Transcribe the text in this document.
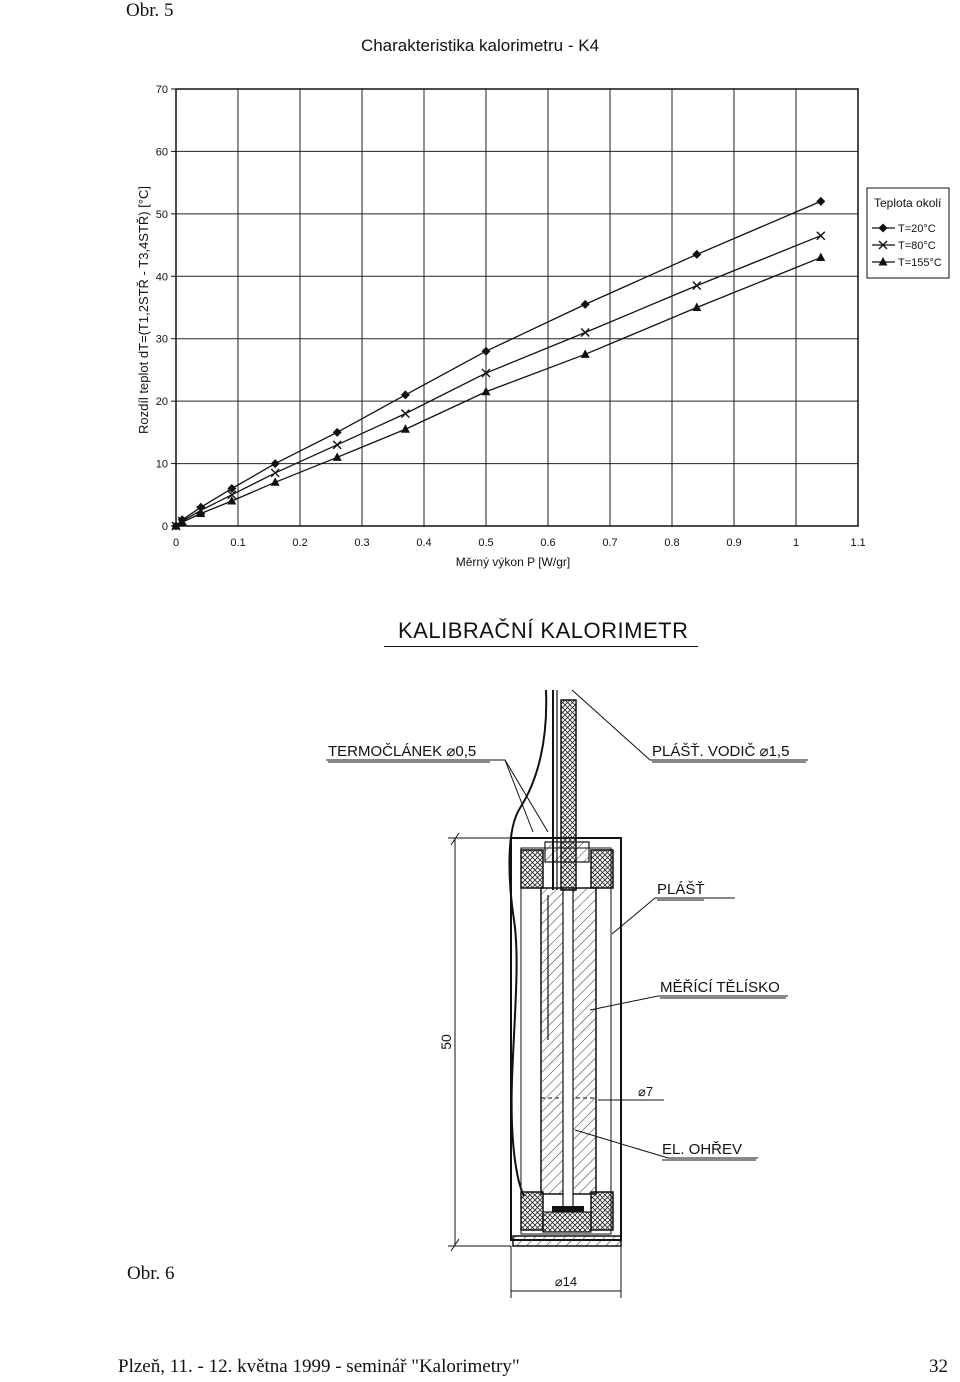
Obr. 5
Charakteristika kalorimetru - K4
0	0.1	0.2	0.3	0.4	0.5	0.6	0.7	0.8	0.9	1	1.1
0
10
20
30
40
50
60
70
Rozdíl teplot dT=(T1,2STŘ - T3,4STŘ) [°C]
Měrný výkon P [W/gr]
Teplota okolí
T=20°C
T=80°C
T=155°C
KALIBRAČNÍ KALORIMETR
TERMOČLÁNEK ⌀0,5	PLÁŠŤ. VODIČ ⌀1,5
PLÁŠŤ
MĚŘÍCÍ TĚLÍSKO
⌀7
EL. OHŘEV
50
⌀14
Obr. 6
Plzeň, 11. - 12. května 1999 - seminář "Kalorimetry"	32
